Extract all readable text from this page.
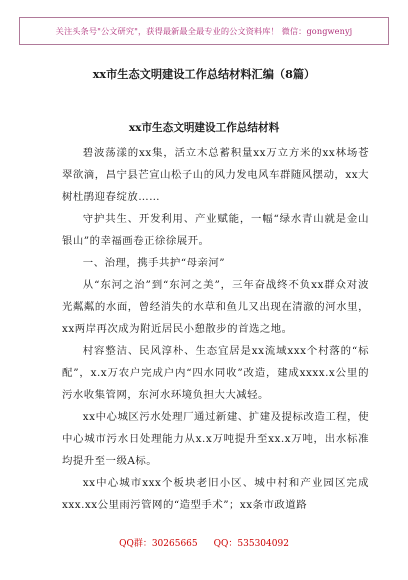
关注头条号"公文研究"，获得最新最全最专业的公文资料库！ 微信：gongwenyj
xx市生态文明建设工作总结材料汇编（8篇）
xx市生态文明建设工作总结材料

碧波荡漾的xx集，活立木总蓄积量xx万立方米的xx林场苍翠欲滴，昌宁县芒宣山松子山的风力发电风车群随风摆动，xx大树杜鹃迎春绽放……

守护共生、开发利用、产业赋能，一幅“绿水青山就是金山银山”的幸福画卷正徐徐展开。

一、治理，携手共护“母亲河”

从“东河之治”到“东河之美”，三年奋战终不负xx群众对波光粼粼的水面，曾经消失的水草和鱼儿又出现在清澈的河水里，xx两岸再次成为附近居民小憩散步的首选之地。

村容整洁、民风淳朴、生态宜居是xx流域xxx个村落的“标配”，x.x万农户完成户内“四水同收”改造，建成xxxx.x公里的污水收集管网，东河水环境负担大大减轻。

xx中心城区污水处理厂通过新建、扩建及提标改造工程，使中心城市污水日处理能力从x.x万吨提升至xx.x万吨，出水标准均提升至一级A标。

xx中心城市xxx个板块老旧小区、城中村和产业园区完成xxx.xx公里雨污管网的“造型手术”；xx条市政道路

QQ群：30265665 QQ：535304092
